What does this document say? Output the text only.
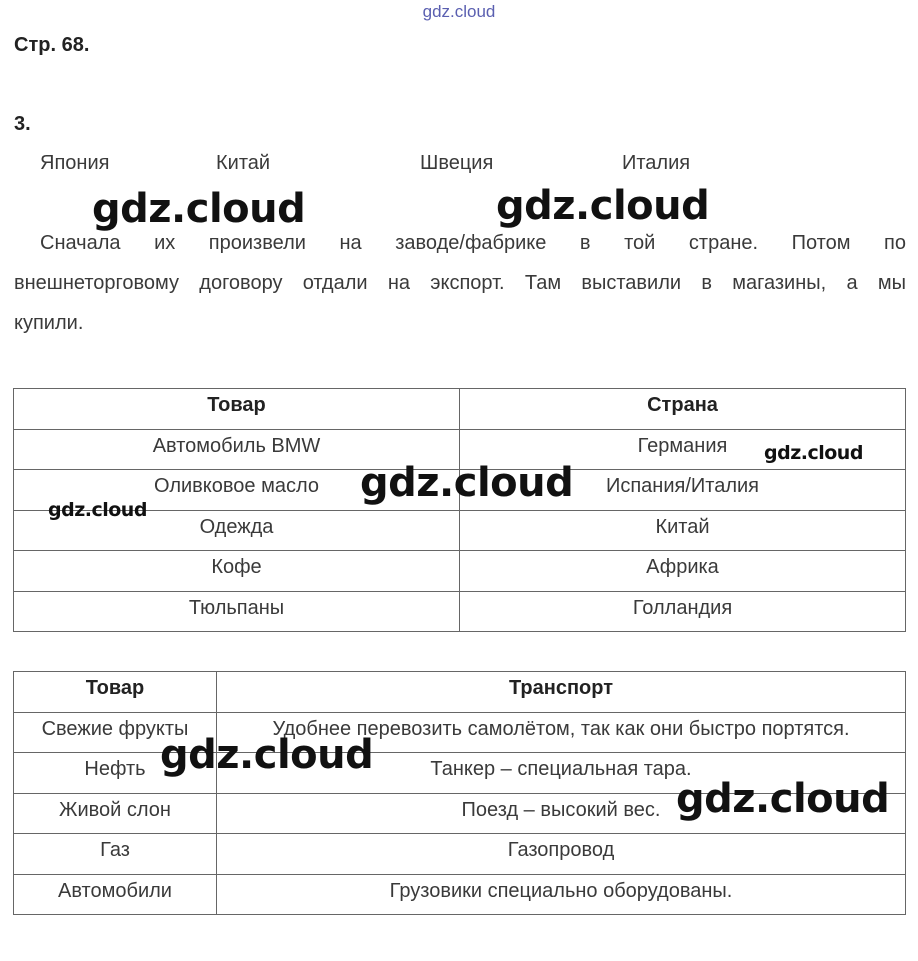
gdz.cloud
Стр. 68.
3.
Япония	Китай	Швеция	Италия
Сначала их произвели на заводе/фабрике в той стране. Потом по
внешнеторговому договору отдали на экспорт. Там выставили в магазины, а мы
купили.
Товар	Страна
Автомобиль BMW	Германия
Оливковое масло	Испания/Италия
Одежда	Китай
Кофе	Африка
Тюльпаны	Голландия
Товар	Транспорт
Свежие фрукты	Удобнее перевозить самолётом, так как они быстро портятся.
Нефть	Танкер – специальная тара.
Живой слон	Поезд – высокий вес.
Газ	Газопровод
Автомобили	Грузовики специально оборудованы.
gdz.cloud	gdz.cloud
gdz.cloud
gdz.cloud
gdz.cloud
gdz.cloud
gdz.cloud
